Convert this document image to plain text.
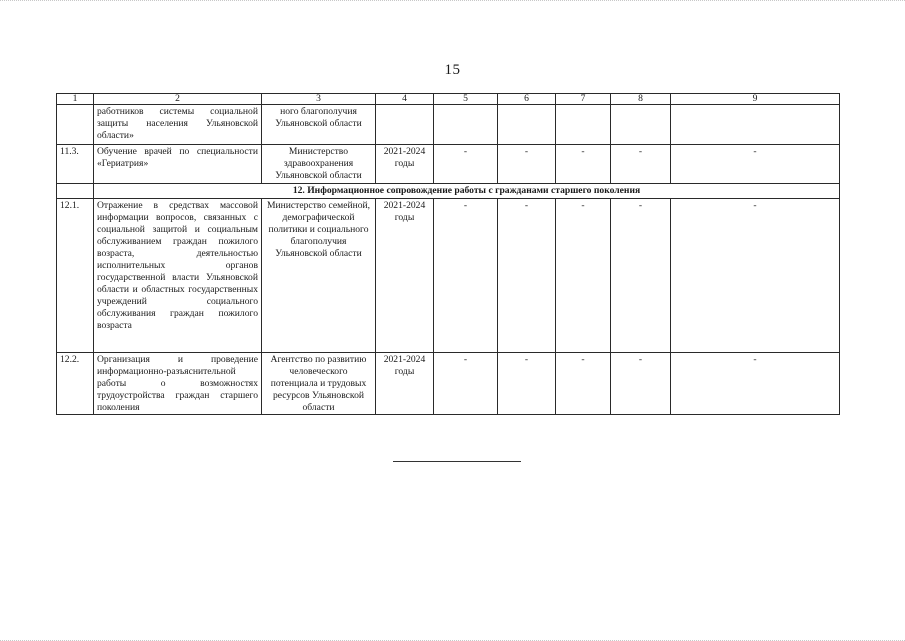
15
1	2	3	4	5	6	7	8	9
	работников системы социальной защиты населения Ульяновской области»	ного благополучия Ульяновской области						
11.3.	Обучение врачей по специальности «Гериатрия»	Министерство здравоохранения Ульяновской области	2021-2024 годы	-	-	-	-	-
	12. Информационное сопровождение работы с гражданами старшего поколения							
12.1.	Отражение в средствах массовой информации вопросов, связанных с социальной защитой и социальным обслуживанием граждан пожилого возраста, деятельностью исполнительных органов государственной власти Ульяновской области и областных государственных учреждений социального обслуживания граждан пожилого возраста	Министерство семейной, демографической политики и социального благополучия Ульяновской области	2021-2024 годы	-	-	-	-	-
12.2.	Организация и проведение информационно-разъяснительной работы о возможностях трудоустройства граждан старшего поколения	Агентство по развитию человеческого потенциала и трудовых ресурсов Ульяновской области	2021-2024 годы	-	-	-	-	-
